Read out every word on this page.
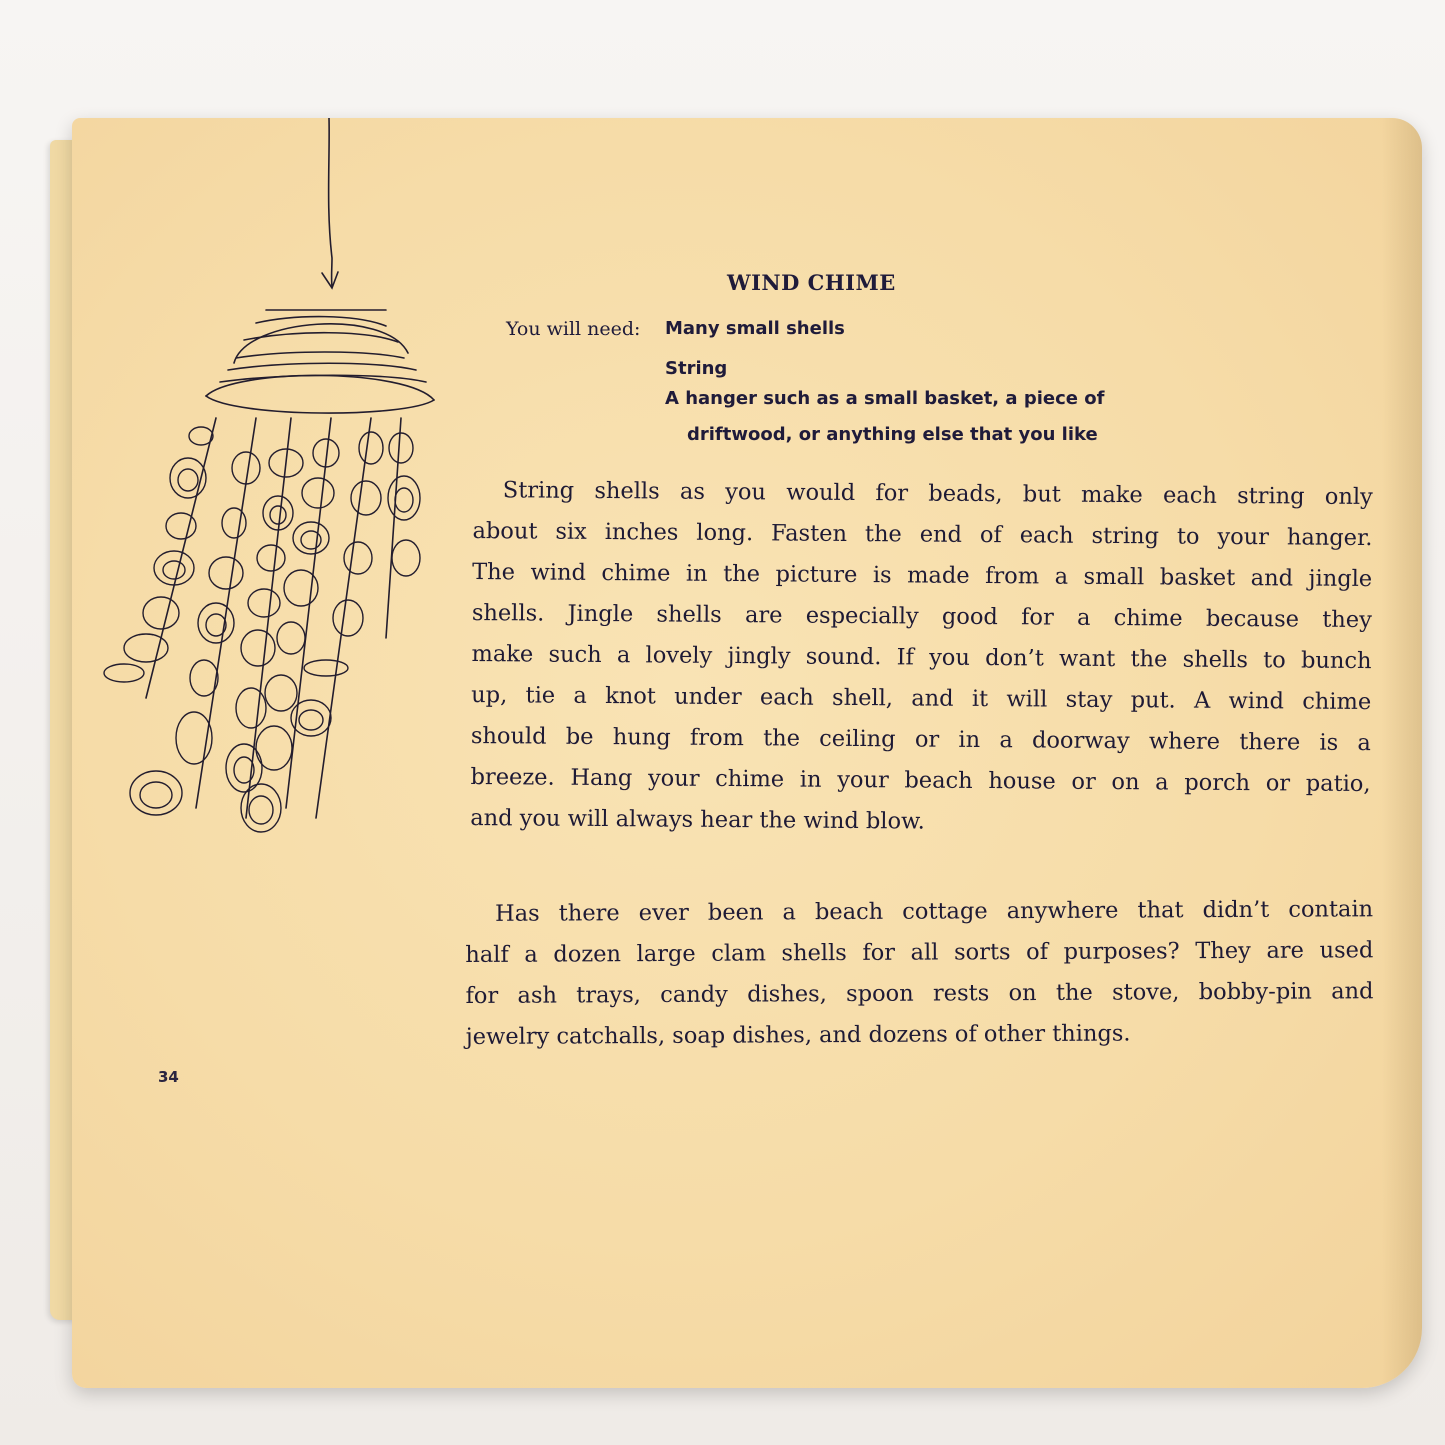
WIND CHIME
You will need: Many small shells
String
A hanger such as a small basket, a piece of
driftwood, or anything else that you like
String shells as you would for beads, but make each string only
about six inches long. Fasten the end of each string to your hanger.
The wind chime in the picture is made from a small basket and jingle
shells. Jingle shells are especially good for a chime because they
make such a lovely jingly sound. If you don’t want the shells to bunch
up, tie a knot under each shell, and it will stay put. A wind chime
should be hung from the ceiling or in a doorway where there is a
breeze. Hang your chime in your beach house or on a porch or patio,
and you will always hear the wind blow.
Has there ever been a beach cottage anywhere that didn’t contain
half a dozen large clam shells for all sorts of purposes? They are used
for ash trays, candy dishes, spoon rests on the stove, bobby-pin and
jewelry catchalls, soap dishes, and dozens of other things.
34
